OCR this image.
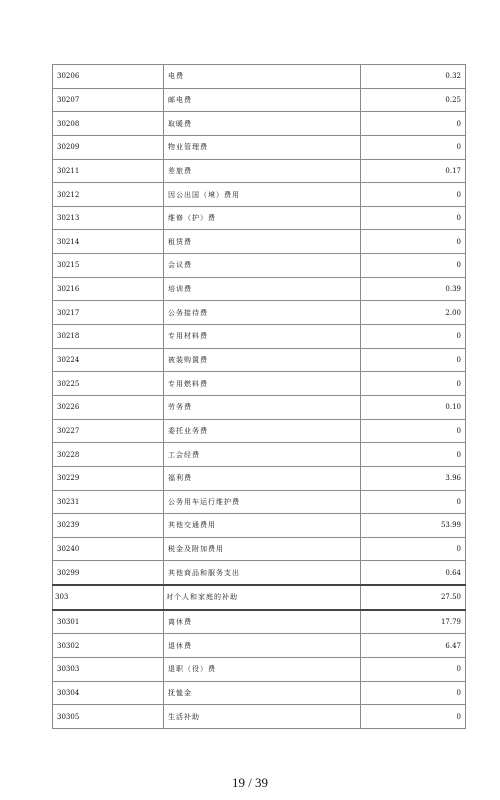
30206	电费	0.32
30207	邮电费	0.25
30208	取暖费	0
30209	物业管理费	0
30211	差旅费	0.17
30212	因公出国（境）费用	0
30213	维修（护）费	0
30214	租赁费	0
30215	会议费	0
30216	培训费	0.39
30217	公务接待费	2.00
30218	专用材料费	0
30224	被装购置费	0
30225	专用燃料费	0
30226	劳务费	0.10
30227	委托业务费	0
30228	工会经费	0
30229	福利费	3.96
30231	公务用车运行维护费	0
30239	其他交通费用	53.99
30240	税金及附加费用	0
30299	其他商品和服务支出	0.64
303	对个人和家庭的补助	27.50
30301	离休费	17.79
30302	退休费	6.47
30303	退职（役）费	0
30304	抚恤金	0
30305	生活补助	0
19 / 39
